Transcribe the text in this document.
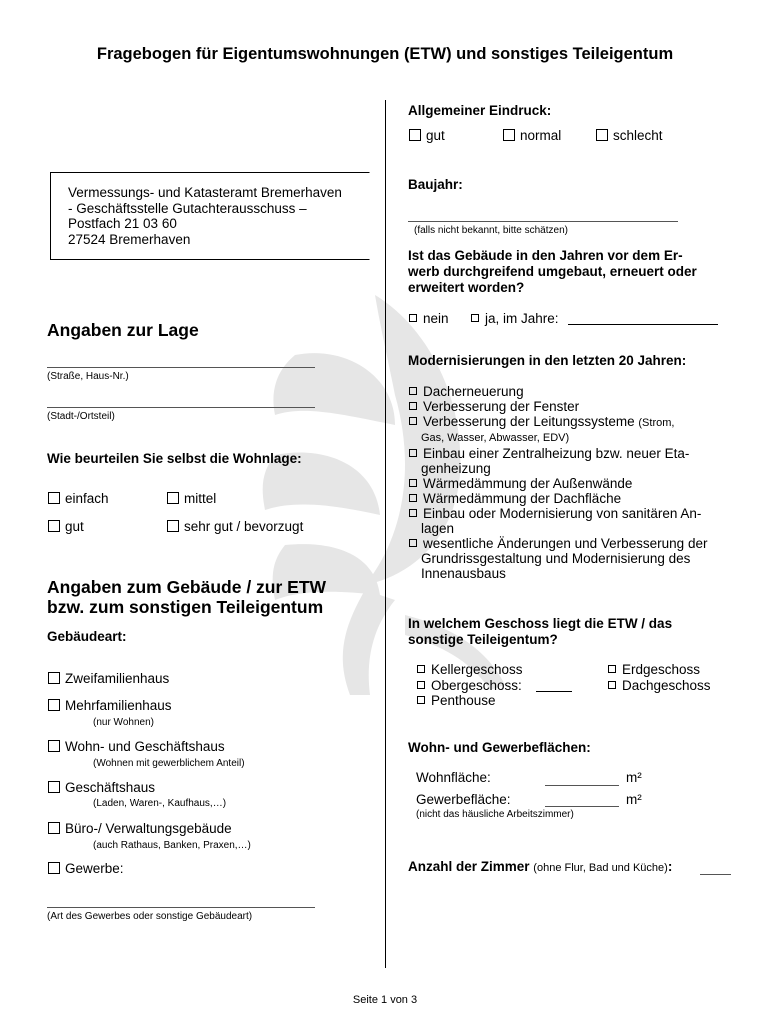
Fragebogen für Eigentumswohnungen (ETW) und sonstiges Teileigentum
Vermessungs- und Katasteramt Bremerhaven
- Geschäftsstelle Gutachterausschuss –
Postfach 21 03 60
27524 Bremerhaven
Angaben zur Lage
(Straße, Haus-Nr.)
(Stadt-/Ortsteil)
Wie beurteilen Sie selbst die Wohnlage:
einfach	mittel
gut	sehr gut / bevorzugt
Angaben zum Gebäude / zur ETW
bzw. zum sonstigen Teileigentum
Gebäudeart:
Zweifamilienhaus
Mehrfamilienhaus
(nur Wohnen)
Wohn- und Geschäftshaus
(Wohnen mit gewerblichem Anteil)
Geschäftshaus
(Laden, Waren-, Kaufhaus,…)
Büro-/ Verwaltungsgebäude
(auch Rathaus, Banken, Praxen,…)
Gewerbe:
(Art des Gewerbes oder sonstige Gebäudeart)
Allgemeiner Eindruck:
gut	normal	schlecht
Baujahr:
(falls nicht bekannt, bitte schätzen)
Ist das Gebäude in den Jahren vor dem Er-
werb durchgreifend umgebaut, erneuert oder
erweitert worden?
nein	ja, im Jahre:
Modernisierungen in den letzten 20 Jahren:
Dacherneuerung
Verbesserung der Fenster
Verbesserung der Leitungssysteme (Strom,
Gas, Wasser, Abwasser, EDV)
Einbau einer Zentralheizung bzw. neuer Eta-
genheizung
Wärmedämmung der Außenwände
Wärmedämmung der Dachfläche
Einbau oder Modernisierung von sanitären An-
lagen
wesentliche Änderungen und Verbesserung der
Grundrissgestaltung und Modernisierung des
Innenausbaus
In welchem Geschoss liegt die ETW / das
sonstige Teileigentum?
Kellergeschoss	Erdgeschoss
Obergeschoss:	Dachgeschoss
Penthouse
Wohn- und Gewerbeflächen:
Wohnfläche:	m²
Gewerbefläche:	m²
(nicht das häusliche Arbeitszimmer)
Anzahl der Zimmer (ohne Flur, Bad und Küche):
Seite 1 von 3
